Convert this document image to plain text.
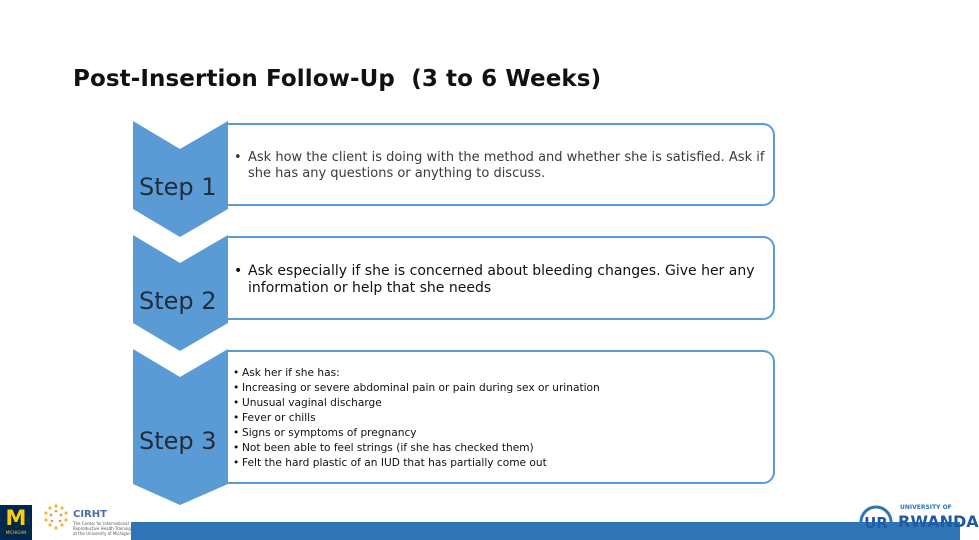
Post-Insertion Follow-Up  (3 to 6 Weeks)
Step 1
Step 2
Step 3
• Ask how the client is doing with the method and whether she is satisfied. Ask if she has any questions or anything to discuss.
• Ask especially if she is concerned about bleeding changes. Give her any information or help that she needs
• Ask her if she has:
• Increasing or severe abdominal pain or pain during sex or urination
• Unusual vaginal discharge
• Fever or chills
• Signs or symptoms of pregnancy
• Not been able to feel strings (if she has checked them)
• Felt the hard plastic of an IUD that has partially come out
M
MICHIGAN
CIRHT
The Center for International Reproductive Health Training at the University of Michigan
UR
UNIVERSITY OF
RWANDA
